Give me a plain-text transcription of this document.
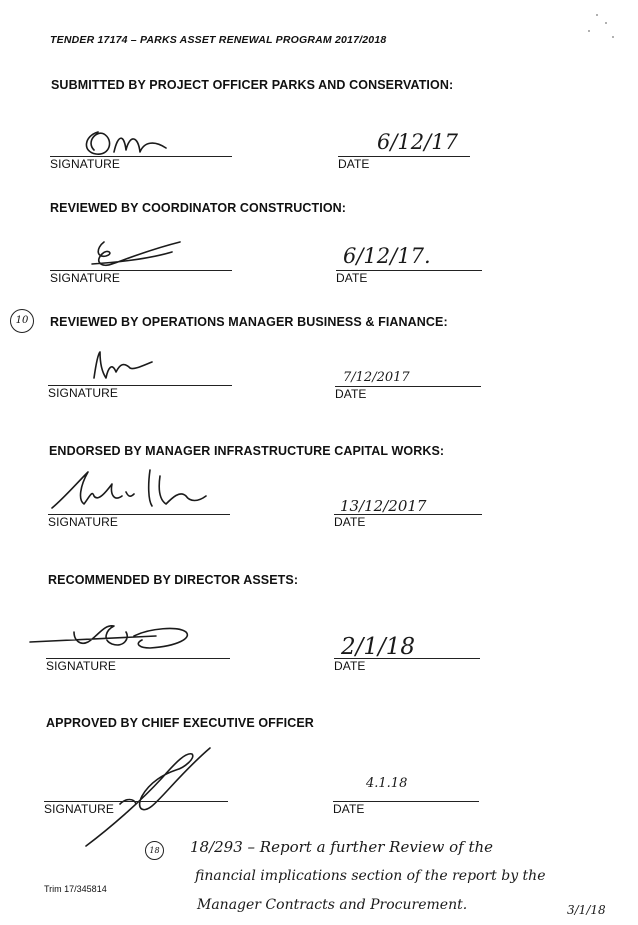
TENDER 17174 – PARKS ASSET RENEWAL PROGRAM 2017/2018
SUBMITTED BY PROJECT OFFICER PARKS AND CONSERVATION:
SIGNATURE
6/12/17
DATE
REVIEWED BY COORDINATOR CONSTRUCTION:
SIGNATURE
6/12/17.
DATE
10	REVIEWED BY OPERATIONS MANAGER BUSINESS & FIANANCE:
SIGNATURE
7/12/2017
DATE
ENDORSED BY MANAGER INFRASTRUCTURE CAPITAL WORKS:
SIGNATURE
13/12/2017
DATE
RECOMMENDED BY DIRECTOR ASSETS:
SIGNATURE
2/1/18
DATE
APPROVED BY CHIEF EXECUTIVE OFFICER
SIGNATURE
4.1.18
DATE
18 18/293 – Report a further Review of the
financial implications section of the report by the
Manager Contracts and Procurement.	3/1/18
Trim 17/345814
